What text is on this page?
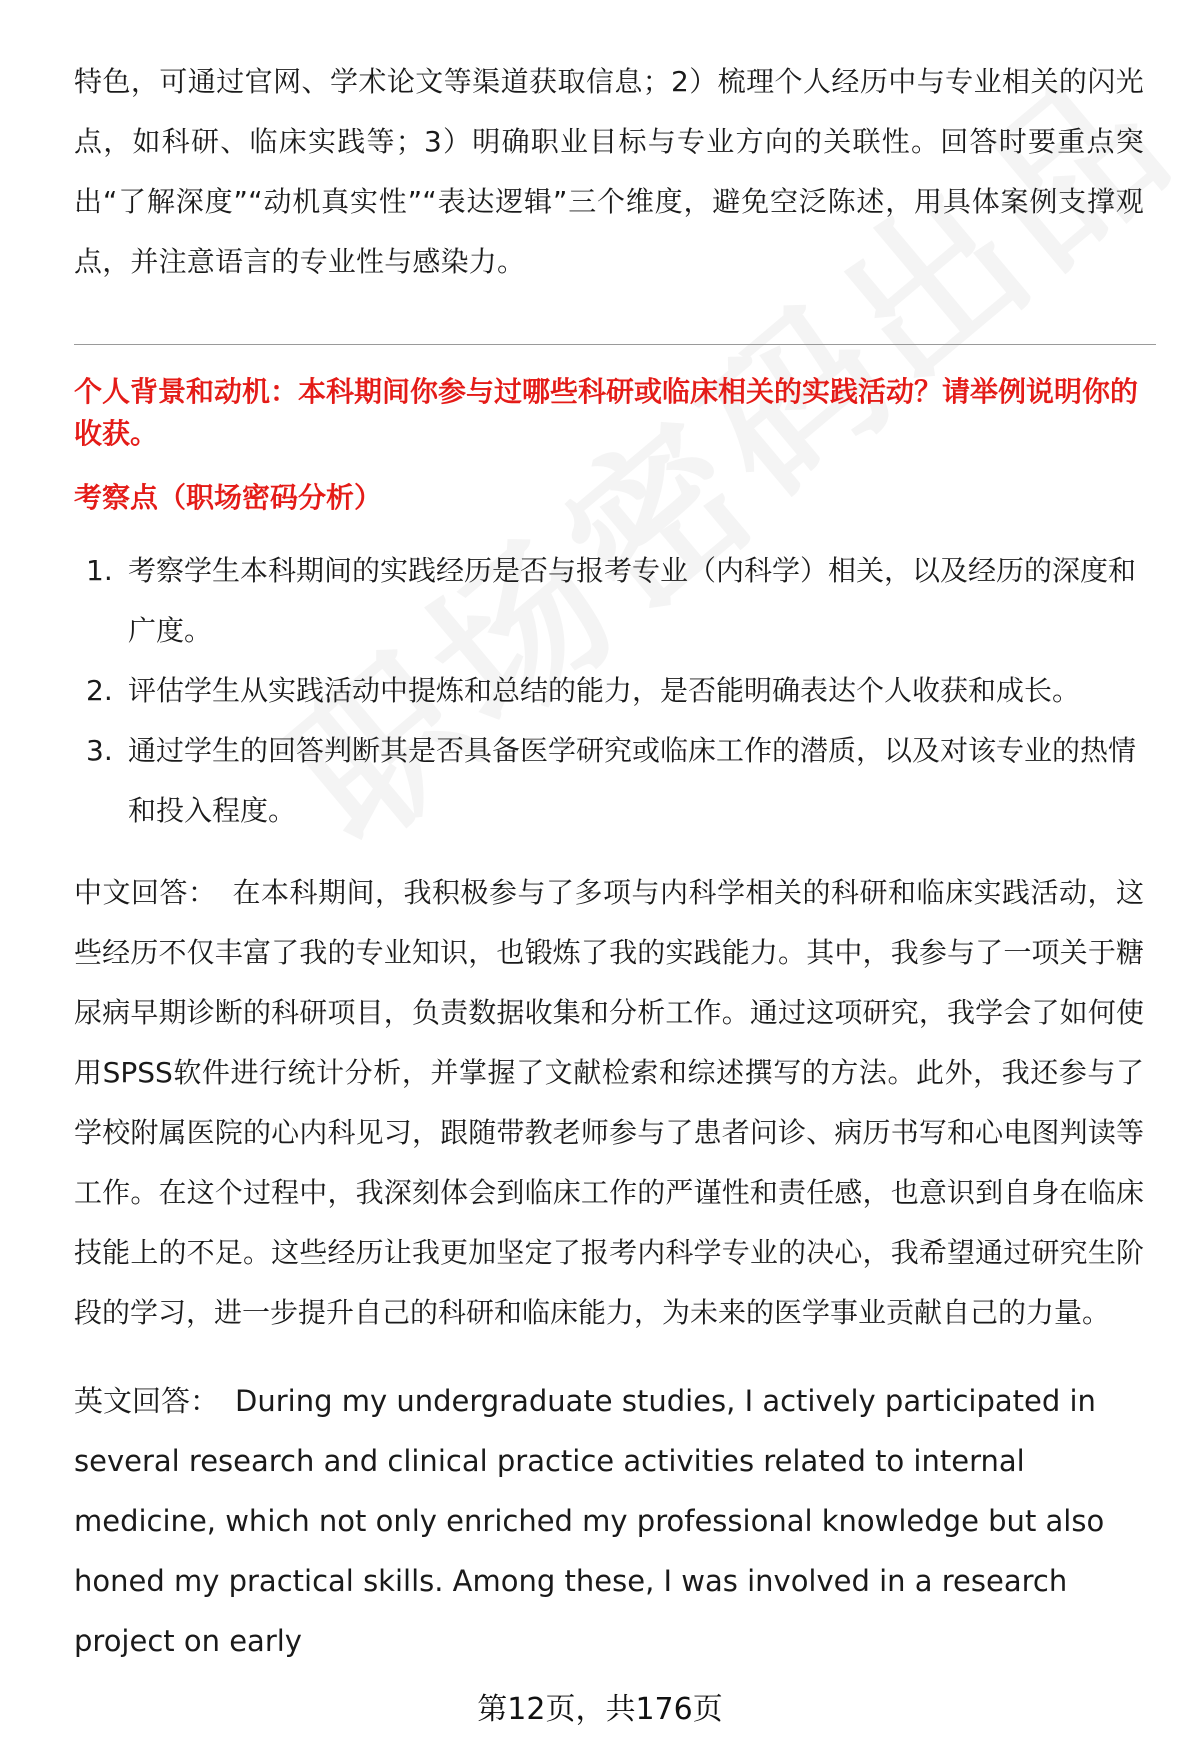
特色，可通过官网、学术论文等渠道获取信息；2）梳理个人经历中与专业相关的闪光点，如科研、临床实践等；3）明确职业目标与专业方向的关联性。回答时要重点突出“了解深度”“动机真实性”“表达逻辑”三个维度，避免空泛陈述，用具体案例支撑观点，并注意语言的专业性与感染力。

个人背景和动机：本科期间你参与过哪些科研或临床相关的实践活动？请举例说明你的收获。

考察点（职场密码分析）

1. 考察学生本科期间的实践经历是否与报考专业（内科学）相关，以及经历的深度和广度。
2. 评估学生从实践活动中提炼和总结的能力，是否能明确表达个人收获和成长。
3. 通过学生的回答判断其是否具备医学研究或临床工作的潜质，以及对该专业的热情和投入程度。

中文回答： 在本科期间，我积极参与了多项与内科学相关的科研和临床实践活动，这些经历不仅丰富了我的专业知识，也锻炼了我的实践能力。其中，我参与了一项关于糖尿病早期诊断的科研项目，负责数据收集和分析工作。通过这项研究，我学会了如何使用SPSS软件进行统计分析，并掌握了文献检索和综述撰写的方法。此外，我还参与了学校附属医院的心内科见习，跟随带教老师参与了患者问诊、病历书写和心电图判读等工作。在这个过程中，我深刻体会到临床工作的严谨性和责任感，也意识到自身在临床技能上的不足。这些经历让我更加坚定了报考内科学专业的决心，我希望通过研究生阶段的学习，进一步提升自己的科研和临床能力，为未来的医学事业贡献自己的力量。

英文回答： During my undergraduate studies, I actively participated in several research and clinical practice activities related to internal medicine, which not only enriched my professional knowledge but also honed my practical skills. Among these, I was involved in a research project on early

第12页，共176页
